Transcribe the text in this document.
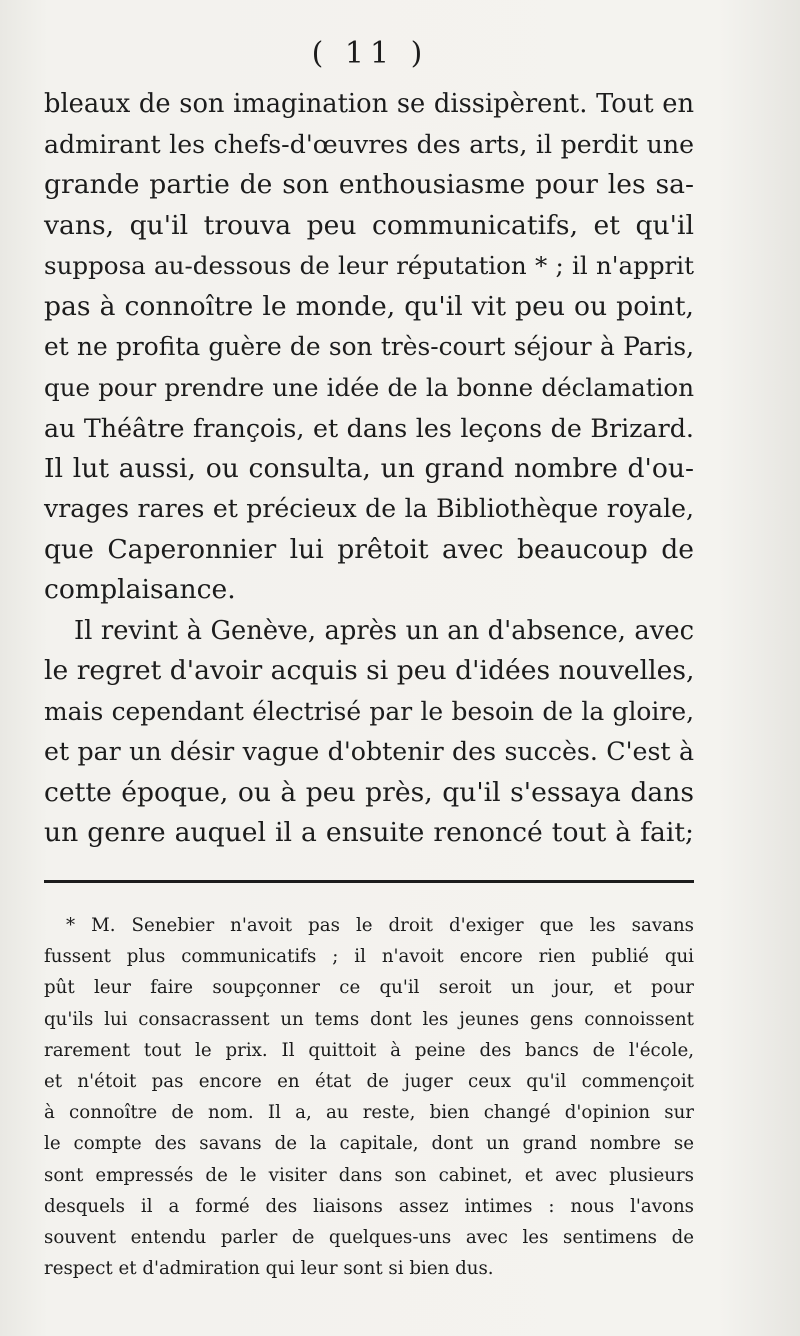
( 11 )
bleaux de son imagination se dissipèrent. Tout en
admirant les chefs-d'œuvres des arts, il perdit une
grande partie de son enthousiasme pour les sa-
vans, qu'il trouva peu communicatifs, et qu'il
supposa au-dessous de leur réputation * ; il n'apprit
pas à connoître le monde, qu'il vit peu ou point,
et ne profita guère de son très-court séjour à Paris,
que pour prendre une idée de la bonne déclamation
au Théâtre françois, et dans les leçons de Brizard.
Il lut aussi, ou consulta, un grand nombre d'ou-
vrages rares et précieux de la Bibliothèque royale,
que Caperonnier lui prêtoit avec beaucoup de
complaisance.
Il revint à Genève, après un an d'absence, avec
le regret d'avoir acquis si peu d'idées nouvelles,
mais cependant électrisé par le besoin de la gloire,
et par un désir vague d'obtenir des succès. C'est à
cette époque, ou à peu près, qu'il s'essaya dans
un genre auquel il a ensuite renoncé tout à fait;
* M. Senebier n'avoit pas le droit d'exiger que les savans
fussent plus communicatifs ; il n'avoit encore rien publié qui
pût leur faire soupçonner ce qu'il seroit un jour, et pour
qu'ils lui consacrassent un tems dont les jeunes gens connoissent
rarement tout le prix. Il quittoit à peine des bancs de l'école,
et n'étoit pas encore en état de juger ceux qu'il commençoit
à connoître de nom. Il a, au reste, bien changé d'opinion sur
le compte des savans de la capitale, dont un grand nombre se
sont empressés de le visiter dans son cabinet, et avec plusieurs
desquels il a formé des liaisons assez intimes : nous l'avons
souvent entendu parler de quelques-uns avec les sentimens de
respect et d'admiration qui leur sont si bien dus.
